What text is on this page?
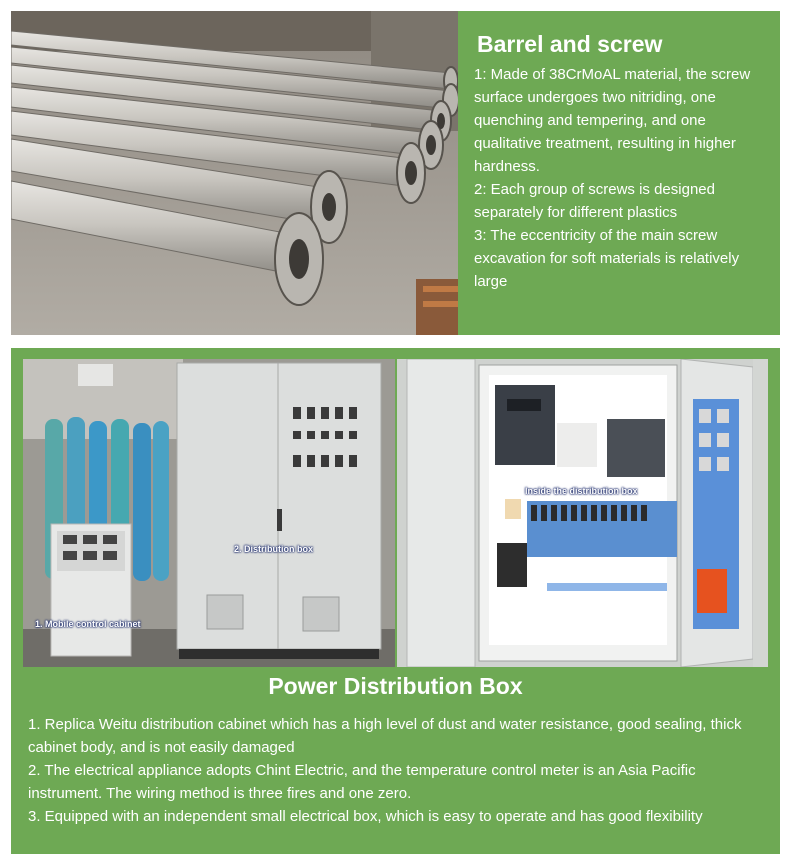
Barrel and screw
1: Made of 38CrMoAL material, the screw surface undergoes two nitriding, one quenching and tempering, and one qualitative treatment, resulting in higher hardness.
2: Each group of screws is designed separately for different plastics
3: The eccentricity of the main screw excavation for soft materials is relatively large
1. Mobile control cabinet
2. Distribution box
Inside the distribution box
Power Distribution Box
1. Replica Weitu distribution cabinet which has a high level of dust and water resistance, good sealing, thick cabinet body, and is not easily damaged
2. The electrical appliance adopts Chint Electric, and the temperature control meter is an Asia Pacific instrument. The wiring method is three fires and one zero.
3. Equipped with an independent small electrical box, which is easy to operate and has good flexibility
